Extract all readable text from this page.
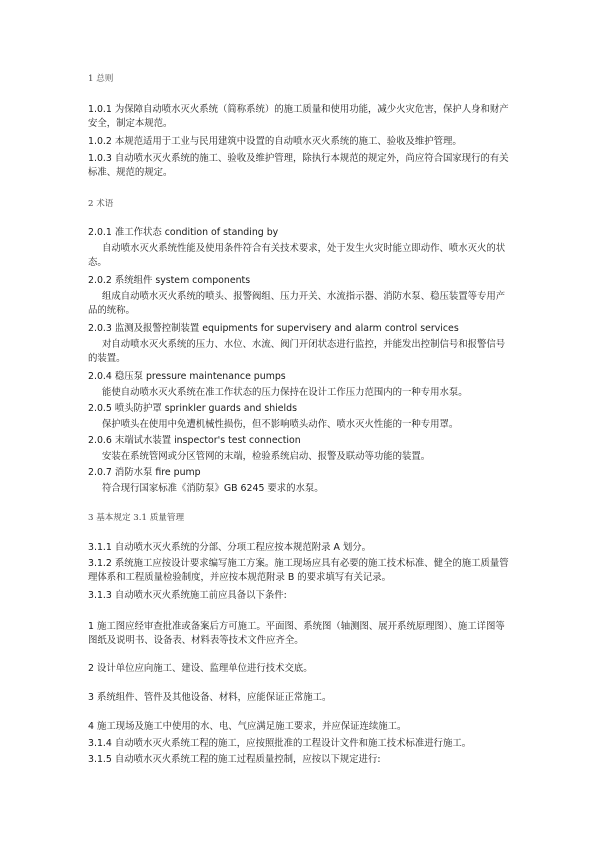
1 总则

1.0.1 为保障自动喷水灭火系统（简称系统）的施工质量和使用功能，减少火灾危害，保护人身和财产安全，制定本规范。

1.0.2 本规范适用于工业与民用建筑中设置的自动喷水灭火系统的施工、验收及维护管理。

1.0.3 自动喷水灭火系统的施工、验收及维护管理，除执行本规范的规定外，尚应符合国家现行的有关标准、规范的规定。

2 术语

2.0.1 准工作状态 condition of standing by

自动喷水灭火系统性能及使用条件符合有关技术要求，处于发生火灾时能立即动作、喷水灭火的状态。

2.0.2 系统组件 system components

组成自动喷水灭火系统的喷头、报警阀组、压力开关、水流指示器、消防水泵、稳压装置等专用产品的统称。

2.0.3 监测及报警控制装置 equipments for supervisery and alarm control services

对自动喷水灭火系统的压力、水位、水流、阀门开闭状态进行监控，并能发出控制信号和报警信号的装置。

2.0.4 稳压泵 pressure maintenance pumps

能使自动喷水灭火系统在准工作状态的压力保持在设计工作压力范围内的一种专用水泵。

2.0.5 喷头防护罩 sprinkler guards and shields

保护喷头在使用中免遭机械性损伤，但不影响喷头动作、喷水灭火性能的一种专用罩。

2.0.6 末端试水装置 inspector's test connection

安装在系统管网或分区管网的末端，检验系统启动、报警及联动等功能的装置。

2.0.7 消防水泵 fire pump

符合现行国家标准《消防泵》GB 6245 要求的水泵。

3 基本规定 3.1 质量管理

3.1.1 自动喷水灭火系统的分部、分项工程应按本规范附录 A 划分。

3.1.2 系统施工应按设计要求编写施工方案。施工现场应具有必要的施工技术标准、健全的施工质量管理体系和工程质量检验制度，并应按本规范附录 B 的要求填写有关记录。

3.1.3 自动喷水灭火系统施工前应具备以下条件:

1 施工图应经审查批准或备案后方可施工。平面图、系统图（轴测图、展开系统原理图）、施工详图等图纸及说明书、设备表、材料表等技术文件应齐全。

2 设计单位应向施工、建设、监理单位进行技术交底。

3 系统组件、管件及其他设备、材料，应能保证正常施工。

4 施工现场及施工中使用的水、电、气应满足施工要求，并应保证连续施工。

3.1.4 自动喷水灭火系统工程的施工，应按照批准的工程设计文件和施工技术标准进行施工。

3.1.5 自动喷水灭火系统工程的施工过程质量控制，应按以下规定进行:
